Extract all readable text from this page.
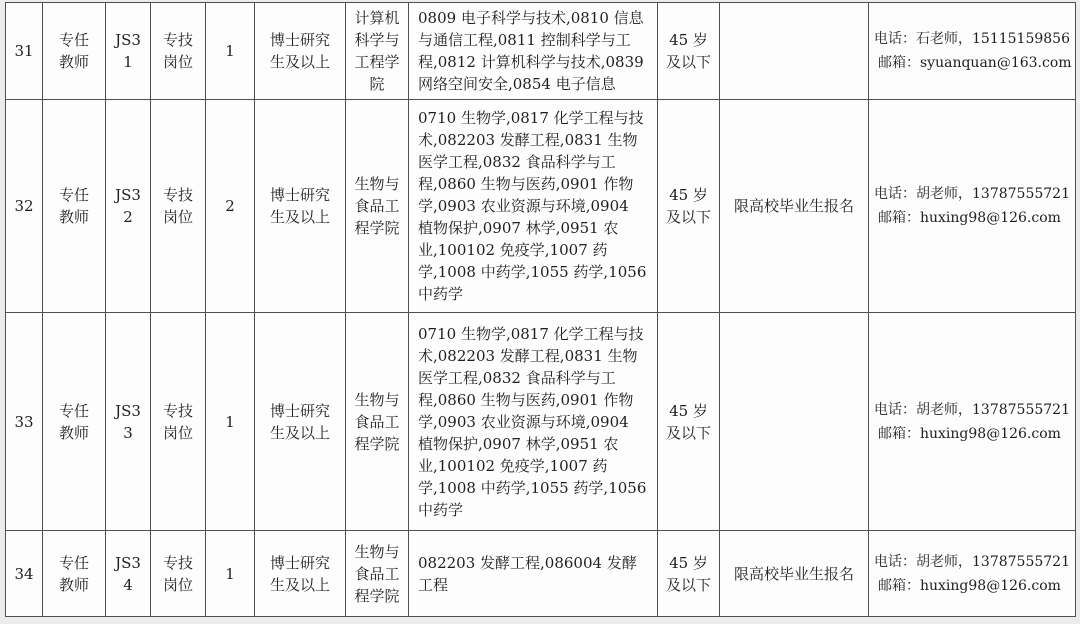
31	专任教师	JS31	专技岗位	1	博士研究生及以上	计算机科学与工程学院	0809 电子科学与技术,0810 信息与通信工程,0811 控制科学与工程,0812 计算机科学与技术,0839 网络空间安全,0854 电子信息	45 岁及以下		电话：石老师，15115159856
邮箱：syuanquan@163.com

32	专任教师	JS32	专技岗位	2	博士研究生及以上	生物与食品工程学院	0710 生物学,0817 化学工程与技术,082203 发酵工程,0831 生物医学工程,0832 食品科学与工程,0860 生物与医药,0901 作物学,0903 农业资源与环境,0904 植物保护,0907 林学,0951 农业,100102 免疫学,1007 药学,1008 中药学,1055 药学,1056 中药学	45 岁及以下	限高校毕业生报名	电话：胡老师，13787555721
邮箱：huxing98@126.com

33	专任教师	JS33	专技岗位	1	博士研究生及以上	生物与食品工程学院	0710 生物学,0817 化学工程与技术,082203 发酵工程,0831 生物医学工程,0832 食品科学与工程,0860 生物与医药,0901 作物学,0903 农业资源与环境,0904 植物保护,0907 林学,0951 农业,100102 免疫学,1007 药学,1008 中药学,1055 药学,1056 中药学	45 岁及以下		电话：胡老师，13787555721
邮箱：huxing98@126.com

34	专任教师	JS34	专技岗位	1	博士研究生及以上	生物与食品工程学院	082203 发酵工程,086004 发酵工程	45 岁及以下	限高校毕业生报名	电话：胡老师，13787555721
邮箱：huxing98@126.com
